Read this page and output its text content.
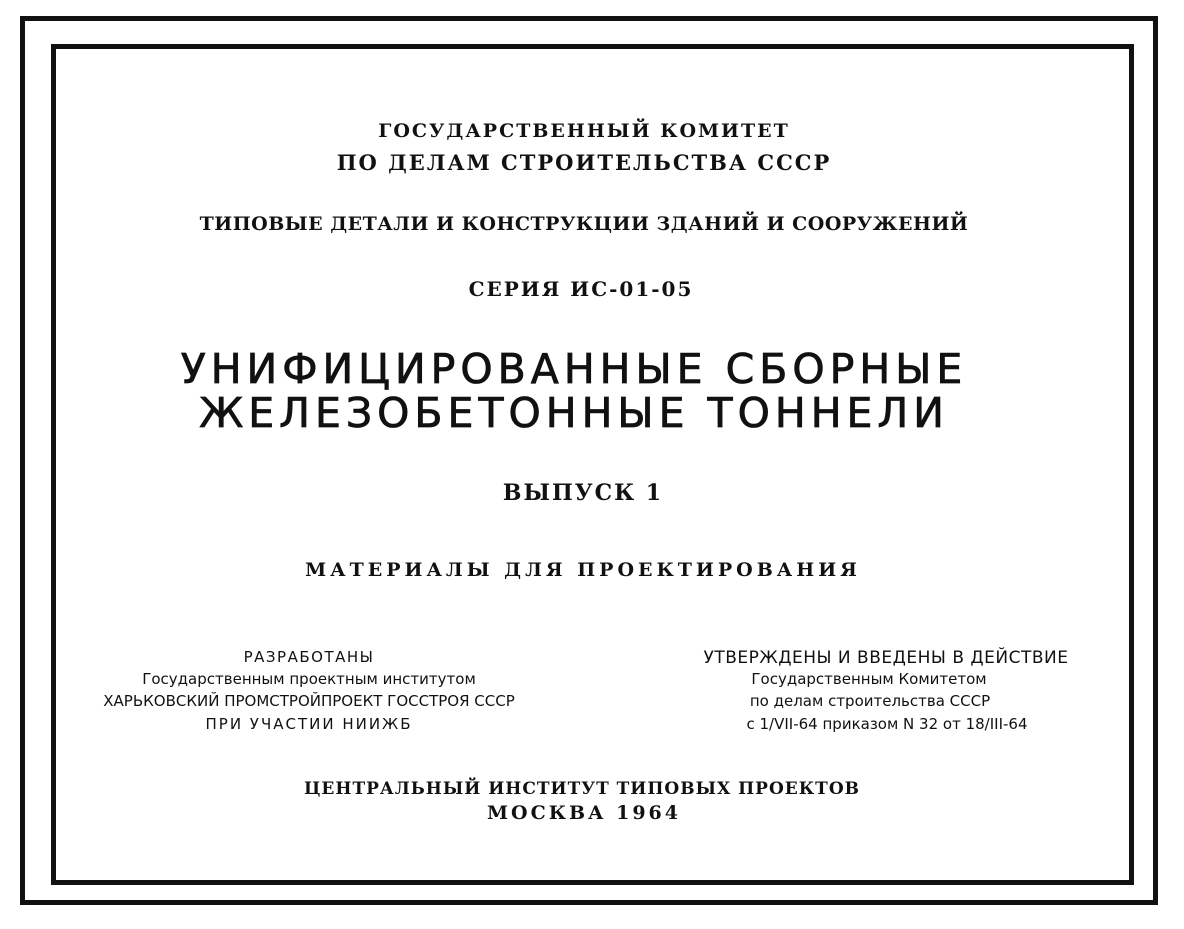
ГОСУДАРСТВЕННЫЙ КОМИТЕТ
ПО ДЕЛАМ СТРОИТЕЛЬСТВА СССР
ТИПОВЫЕ ДЕТАЛИ И КОНСТРУКЦИИ ЗДАНИЙ И СООРУЖЕНИЙ
СЕРИЯ ИС-01-05
УНИФИЦИРОВАННЫЕ СБОРНЫЕ
ЖЕЛЕЗОБЕТОННЫЕ ТОННЕЛИ
ВЫПУСК 1
МАТЕРИАЛЫ ДЛЯ ПРОЕКТИРОВАНИЯ
РАЗРАБОТАНЫ
Государственным проектным институтом
ХАРЬКОВСКИЙ ПРОМСТРОЙПРОЕКТ ГОССТРОЯ СССР
ПРИ УЧАСТИИ НИИЖБ
УТВЕРЖДЕНЫ И ВВЕДЕНЫ В ДЕЙСТВИЕ
Государственным Комитетом
по делам строительства СССР
с 1/VII-64 приказом N 32 от 18/III-64
ЦЕНТРАЛЬНЫЙ ИНСТИТУТ ТИПОВЫХ ПРОЕКТОВ
МОСКВА 1964
